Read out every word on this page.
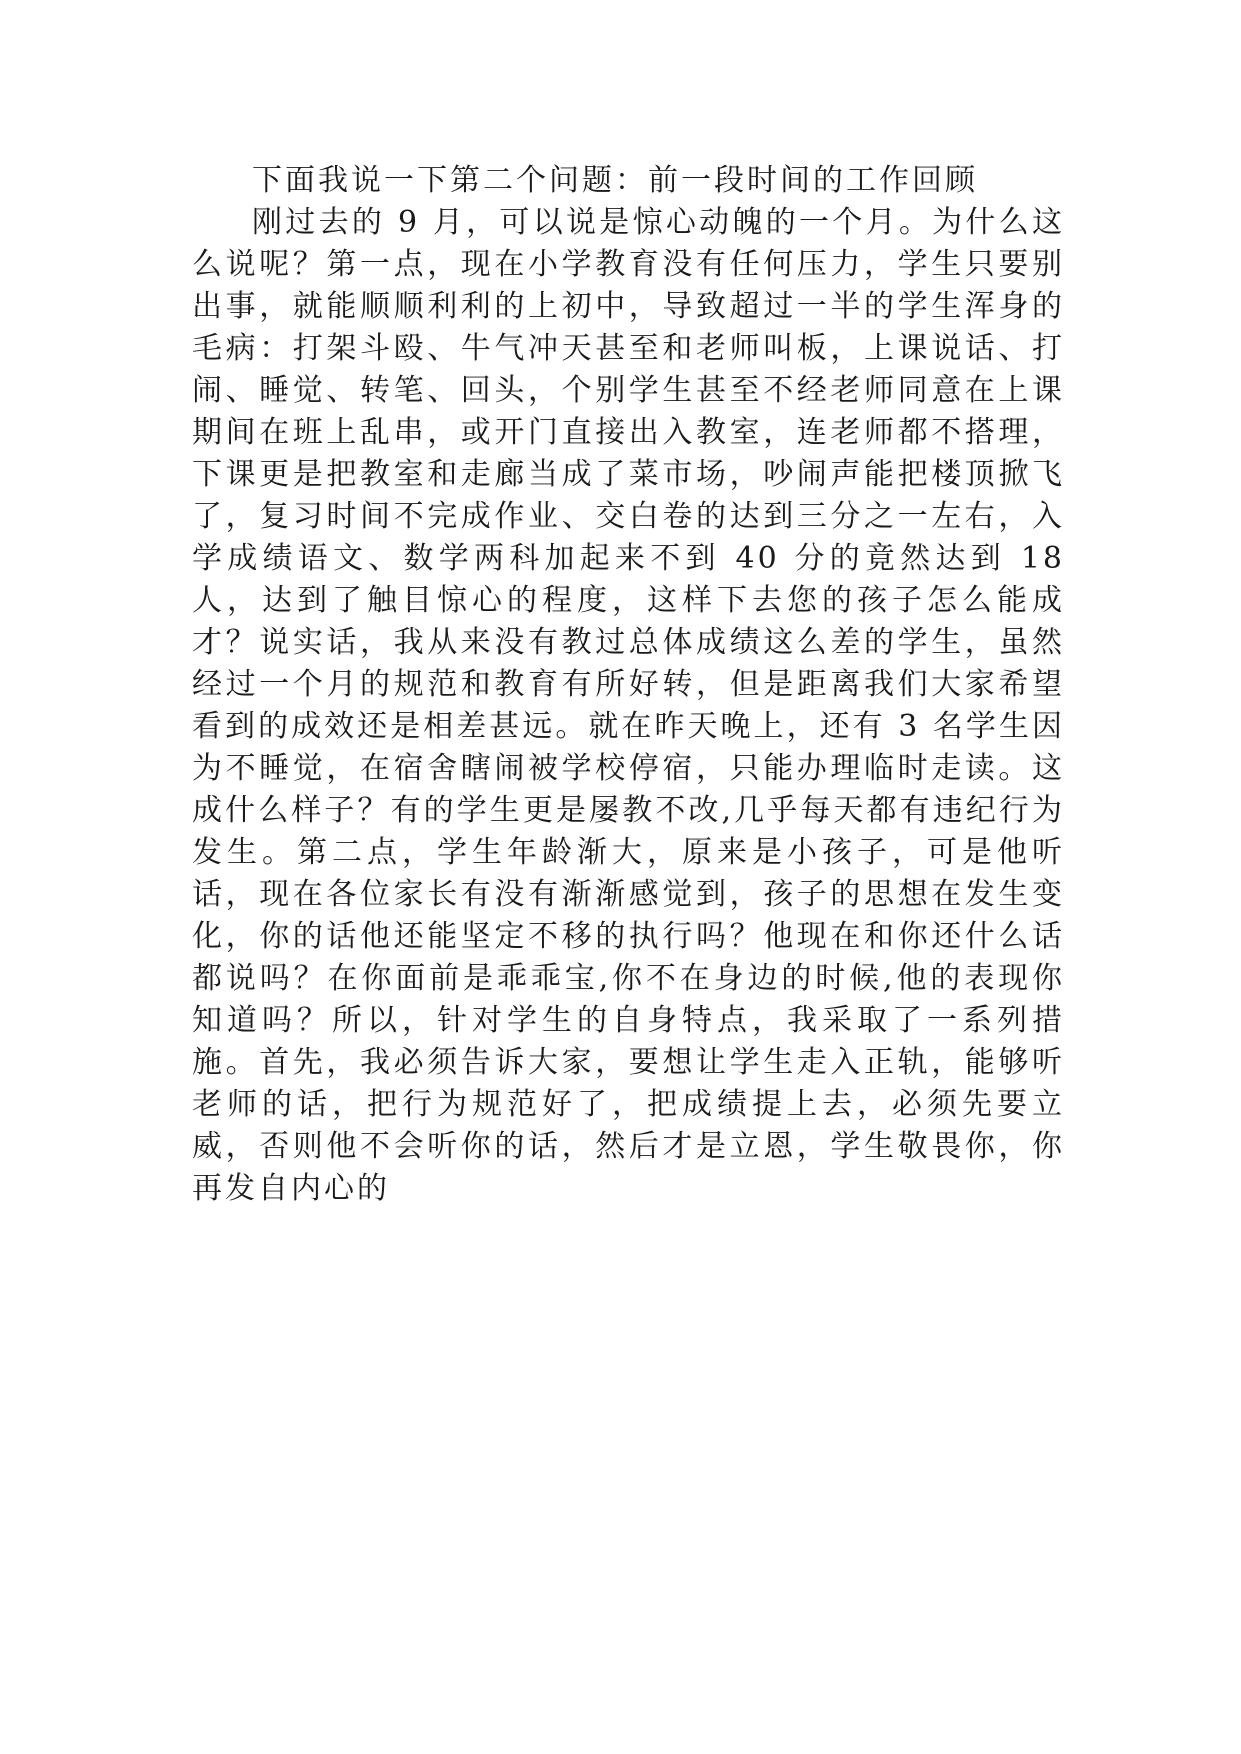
下面我说一下第二个问题：前一段时间的工作回顾

刚过去的 9 月，可以说是惊心动魄的一个月。为什么这么说呢？第一点，现在小学教育没有任何压力，学生只要别出事，就能顺顺利利的上初中，导致超过一半的学生浑身的毛病：打架斗殴、牛气冲天甚至和老师叫板，上课说话、打闹、睡觉、转笔、回头，个别学生甚至不经老师同意在上课期间在班上乱串，或开门直接出入教室，连老师都不搭理，下课更是把教室和走廊当成了菜市场，吵闹声能把楼顶掀飞了，复习时间不完成作业、交白卷的达到三分之一左右，入学成绩语文、数学两科加起来不到 40 分的竟然达到 18 人，达到了触目惊心的程度，这样下去您的孩子怎么能成才？说实话，我从来没有教过总体成绩这么差的学生，虽然经过一个月的规范和教育有所好转，但是距离我们大家希望看到的成效还是相差甚远。就在昨天晚上，还有 3 名学生因为不睡觉，在宿舍瞎闹被学校停宿，只能办理临时走读。这成什么样子？有的学生更是屡教不改,几乎每天都有违纪行为发生。第二点，学生年龄渐大，原来是小孩子，可是他听话，现在各位家长有没有渐渐感觉到，孩子的思想在发生变化，你的话他还能坚定不移的执行吗？他现在和你还什么话都说吗？在你面前是乖乖宝,你不在身边的时候,他的表现你知道吗？所以，针对学生的自身特点，我采取了一系列措施。首先，我必须告诉大家，要想让学生走入正轨，能够听老师的话，把行为规范好了，把成绩提上去，必须先要立威，否则他不会听你的话，然后才是立恩，学生敬畏你，你再发自内心的
